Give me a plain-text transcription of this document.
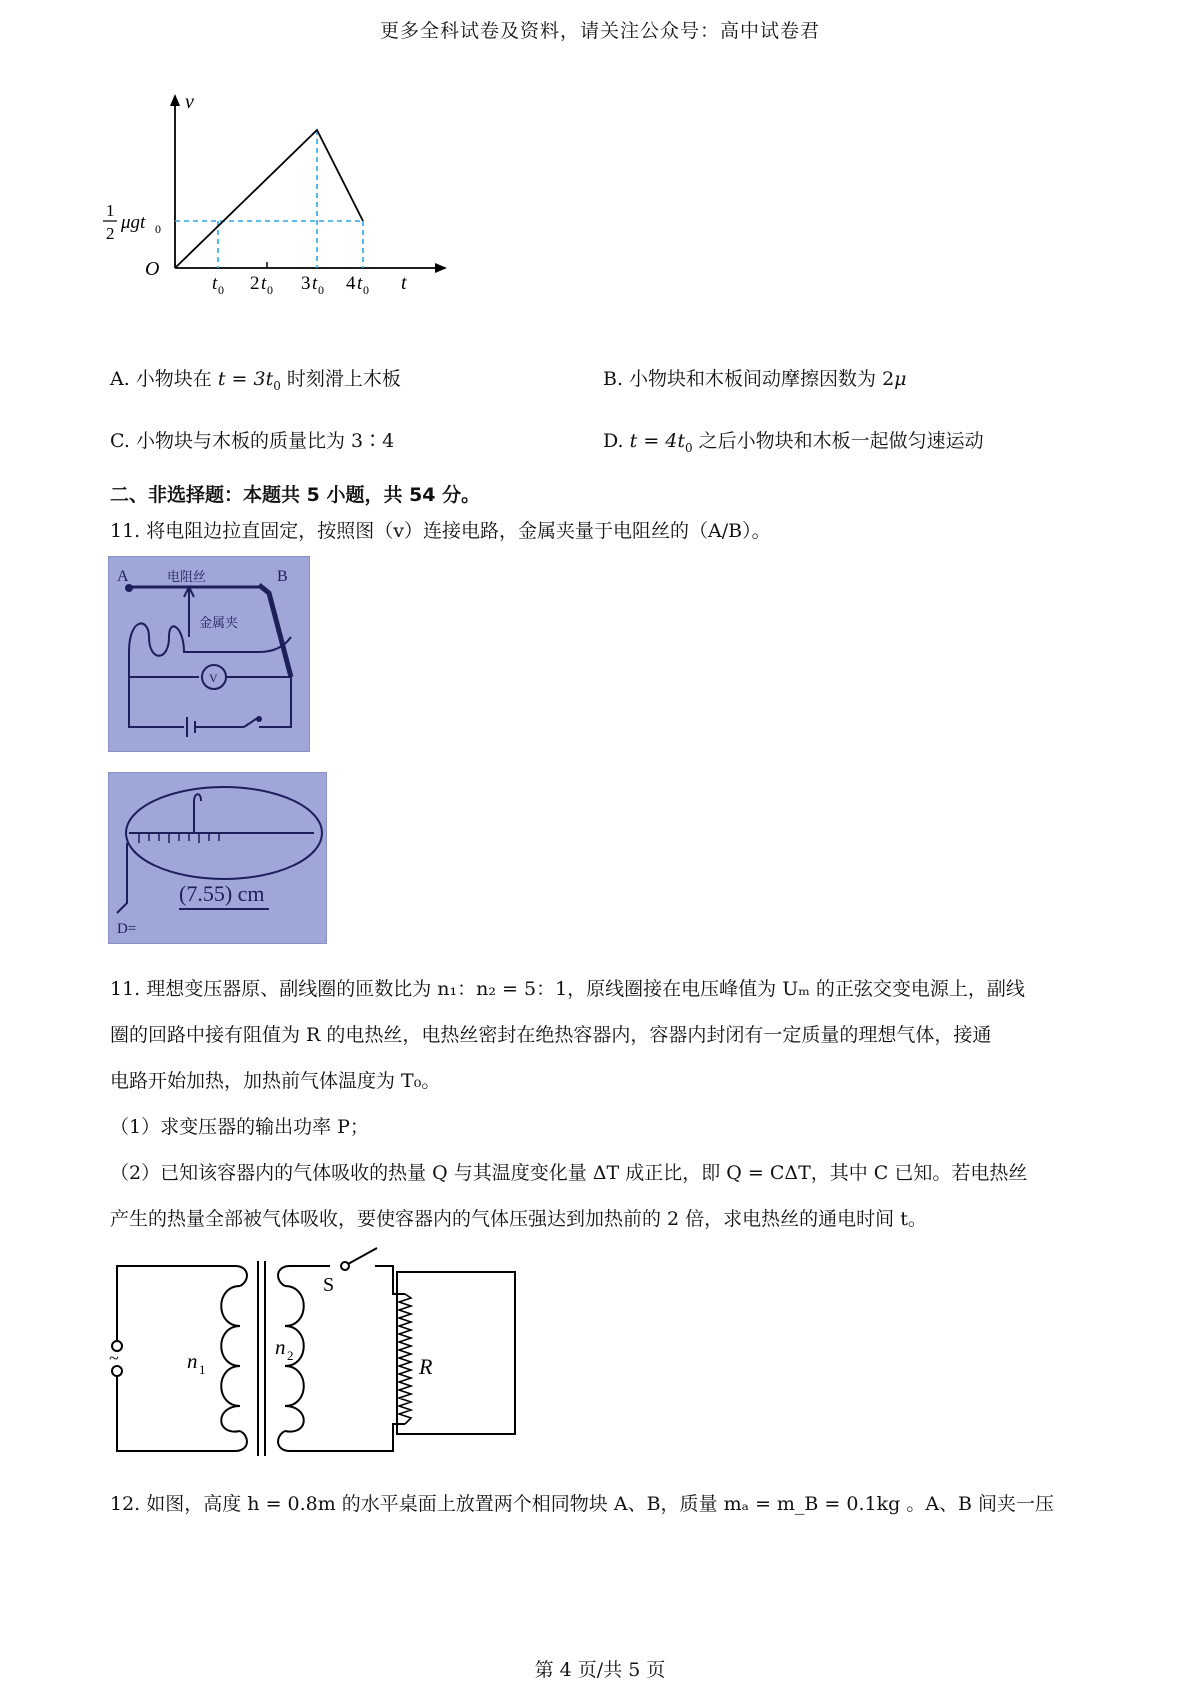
更多全科试卷及资料，请关注公众号：高中试卷君
v
t
O
1
2
μgt 0
t 0 2 t 0 3 t 0 4 t 0
A. 小物块在 $t = 3t_0$ 时刻滑上木板	B. 小物块和木板间动摩擦因数为 2μ
C. 小物块与木板的质量比为 3∶4	D. $t = 4t_0$ 之后小物块和木板一起做匀速运动
二、非选择题：本题共 5 小题，共 54 分。
11. 将电阻边拉直固定，按照图（v）连接电路，金属夹量于电阻丝的（A/B）。
A	B
电阻丝
金属夹
V
D=
(7.55) cm
11. 理想变压器原、副线圈的匝数比为 n₁：n₂ = 5：1，原线圈接在电压峰值为 Uₘ 的正弦交变电源上，副线
圈的回路中接有阻值为 R 的电热丝，电热丝密封在绝热容器内，容器内封闭有一定质量的理想气体，接通
电路开始加热，加热前气体温度为 T₀。
（1）求变压器的输出功率 P；
（2）已知该容器内的气体吸收的热量 Q 与其温度变化量 ΔT 成正比，即 Q = CΔT，其中 C 已知。若电热丝
产生的热量全部被气体吸收，要使容器内的气体压强达到加热前的 2 倍，求电热丝的通电时间 t。
~
S
R
n 1
n 2
12. 如图，高度 h = 0.8m 的水平桌面上放置两个相同物块 A、B，质量 mₐ = m_B = 0.1kg 。A、B 间夹一压
第 4 页/共 5 页
